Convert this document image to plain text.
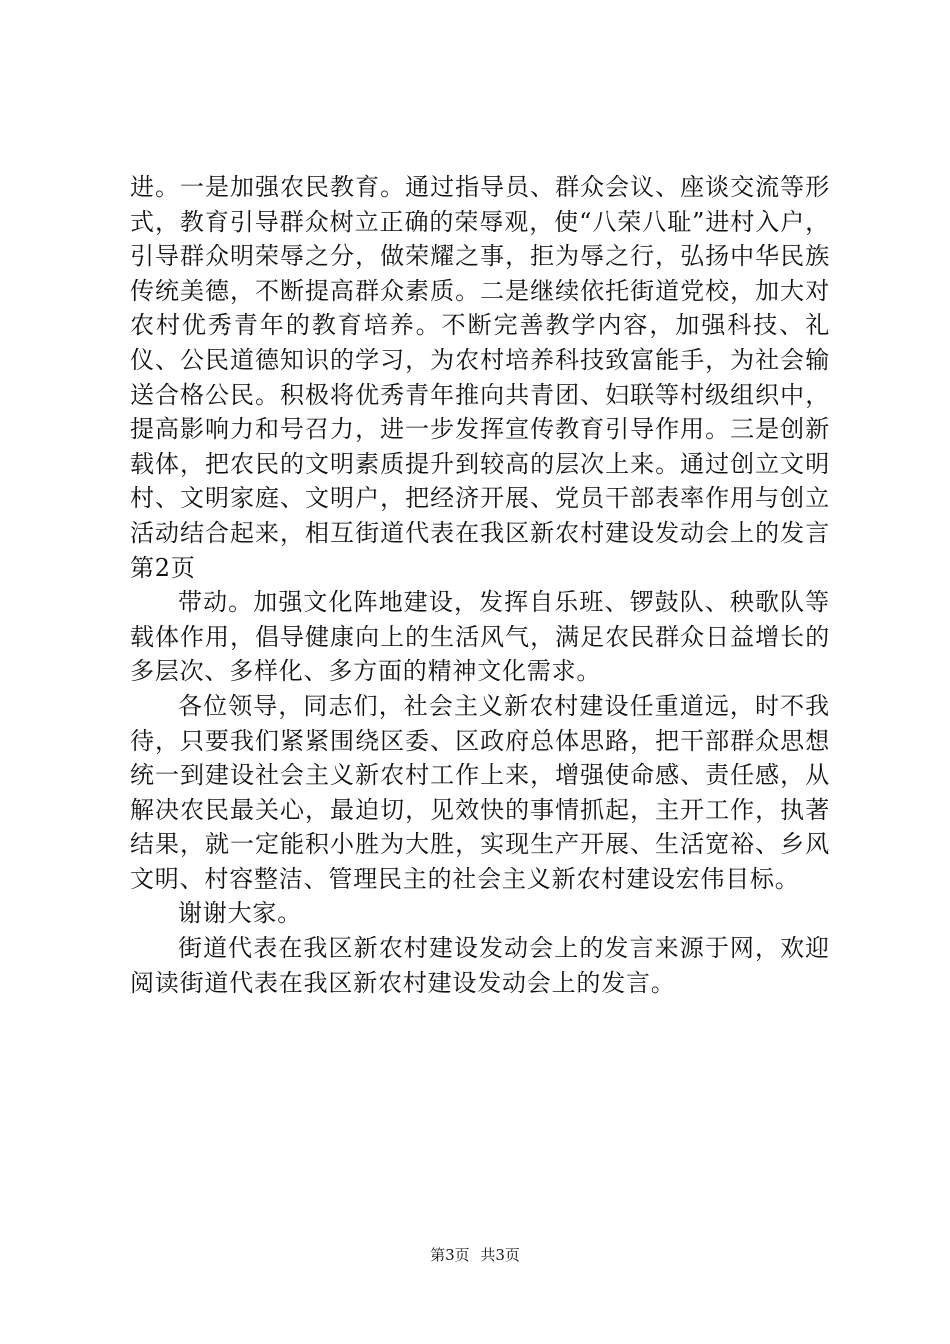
进。一是加强农民教育。通过指导员、群众会议、座谈交流等形式，教育引导群众树立正确的荣辱观，使“八荣八耻”进村入户，引导群众明荣辱之分，做荣耀之事，拒为辱之行，弘扬中华民族传统美德，不断提高群众素质。二是继续依托街道党校，加大对农村优秀青年的教育培养。不断完善教学内容，加强科技、礼仪、公民道德知识的学习，为农村培养科技致富能手，为社会输送合格公民。积极将优秀青年推向共青团、妇联等村级组织中，提高影响力和号召力，进一步发挥宣传教育引导作用。三是创新载体，把农民的文明素质提升到较高的层次上来。通过创立文明村、文明家庭、文明户，把经济开展、党员干部表率作用与创立活动结合起来，相互街道代表在我区新农村建设发动会上的发言第2页

带动。加强文化阵地建设，发挥自乐班、锣鼓队、秧歌队等载体作用，倡导健康向上的生活风气，满足农民群众日益增长的多层次、多样化、多方面的精神文化需求。

各位领导，同志们，社会主义新农村建设任重道远，时不我待，只要我们紧紧围绕区委、区政府总体思路，把干部群众思想统一到建设社会主义新农村工作上来，增强使命感、责任感，从解决农民最关心，最迫切，见效快的事情抓起，主开工作，执著结果，就一定能积小胜为大胜，实现生产开展、生活宽裕、乡风文明、村容整洁、管理民主的社会主义新农村建设宏伟目标。

谢谢大家。

街道代表在我区新农村建设发动会上的发言来源于网，欢迎阅读街道代表在我区新农村建设发动会上的发言。

第3页 共3页
